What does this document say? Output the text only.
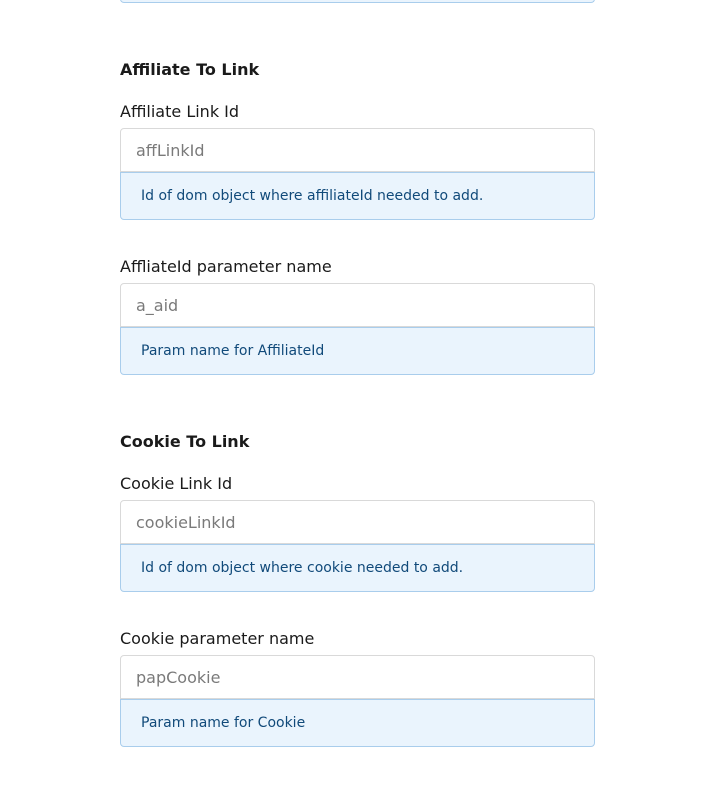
Affiliate To Link
Affiliate Link Id
affLinkId
Id of dom object where affiliateId needed to add.
AffliateId parameter name
a_aid
Param name for AffiliateId
Cookie To Link
Cookie Link Id
cookieLinkId
Id of dom object where cookie needed to add.
Cookie parameter name
papCookie
Param name for Cookie
